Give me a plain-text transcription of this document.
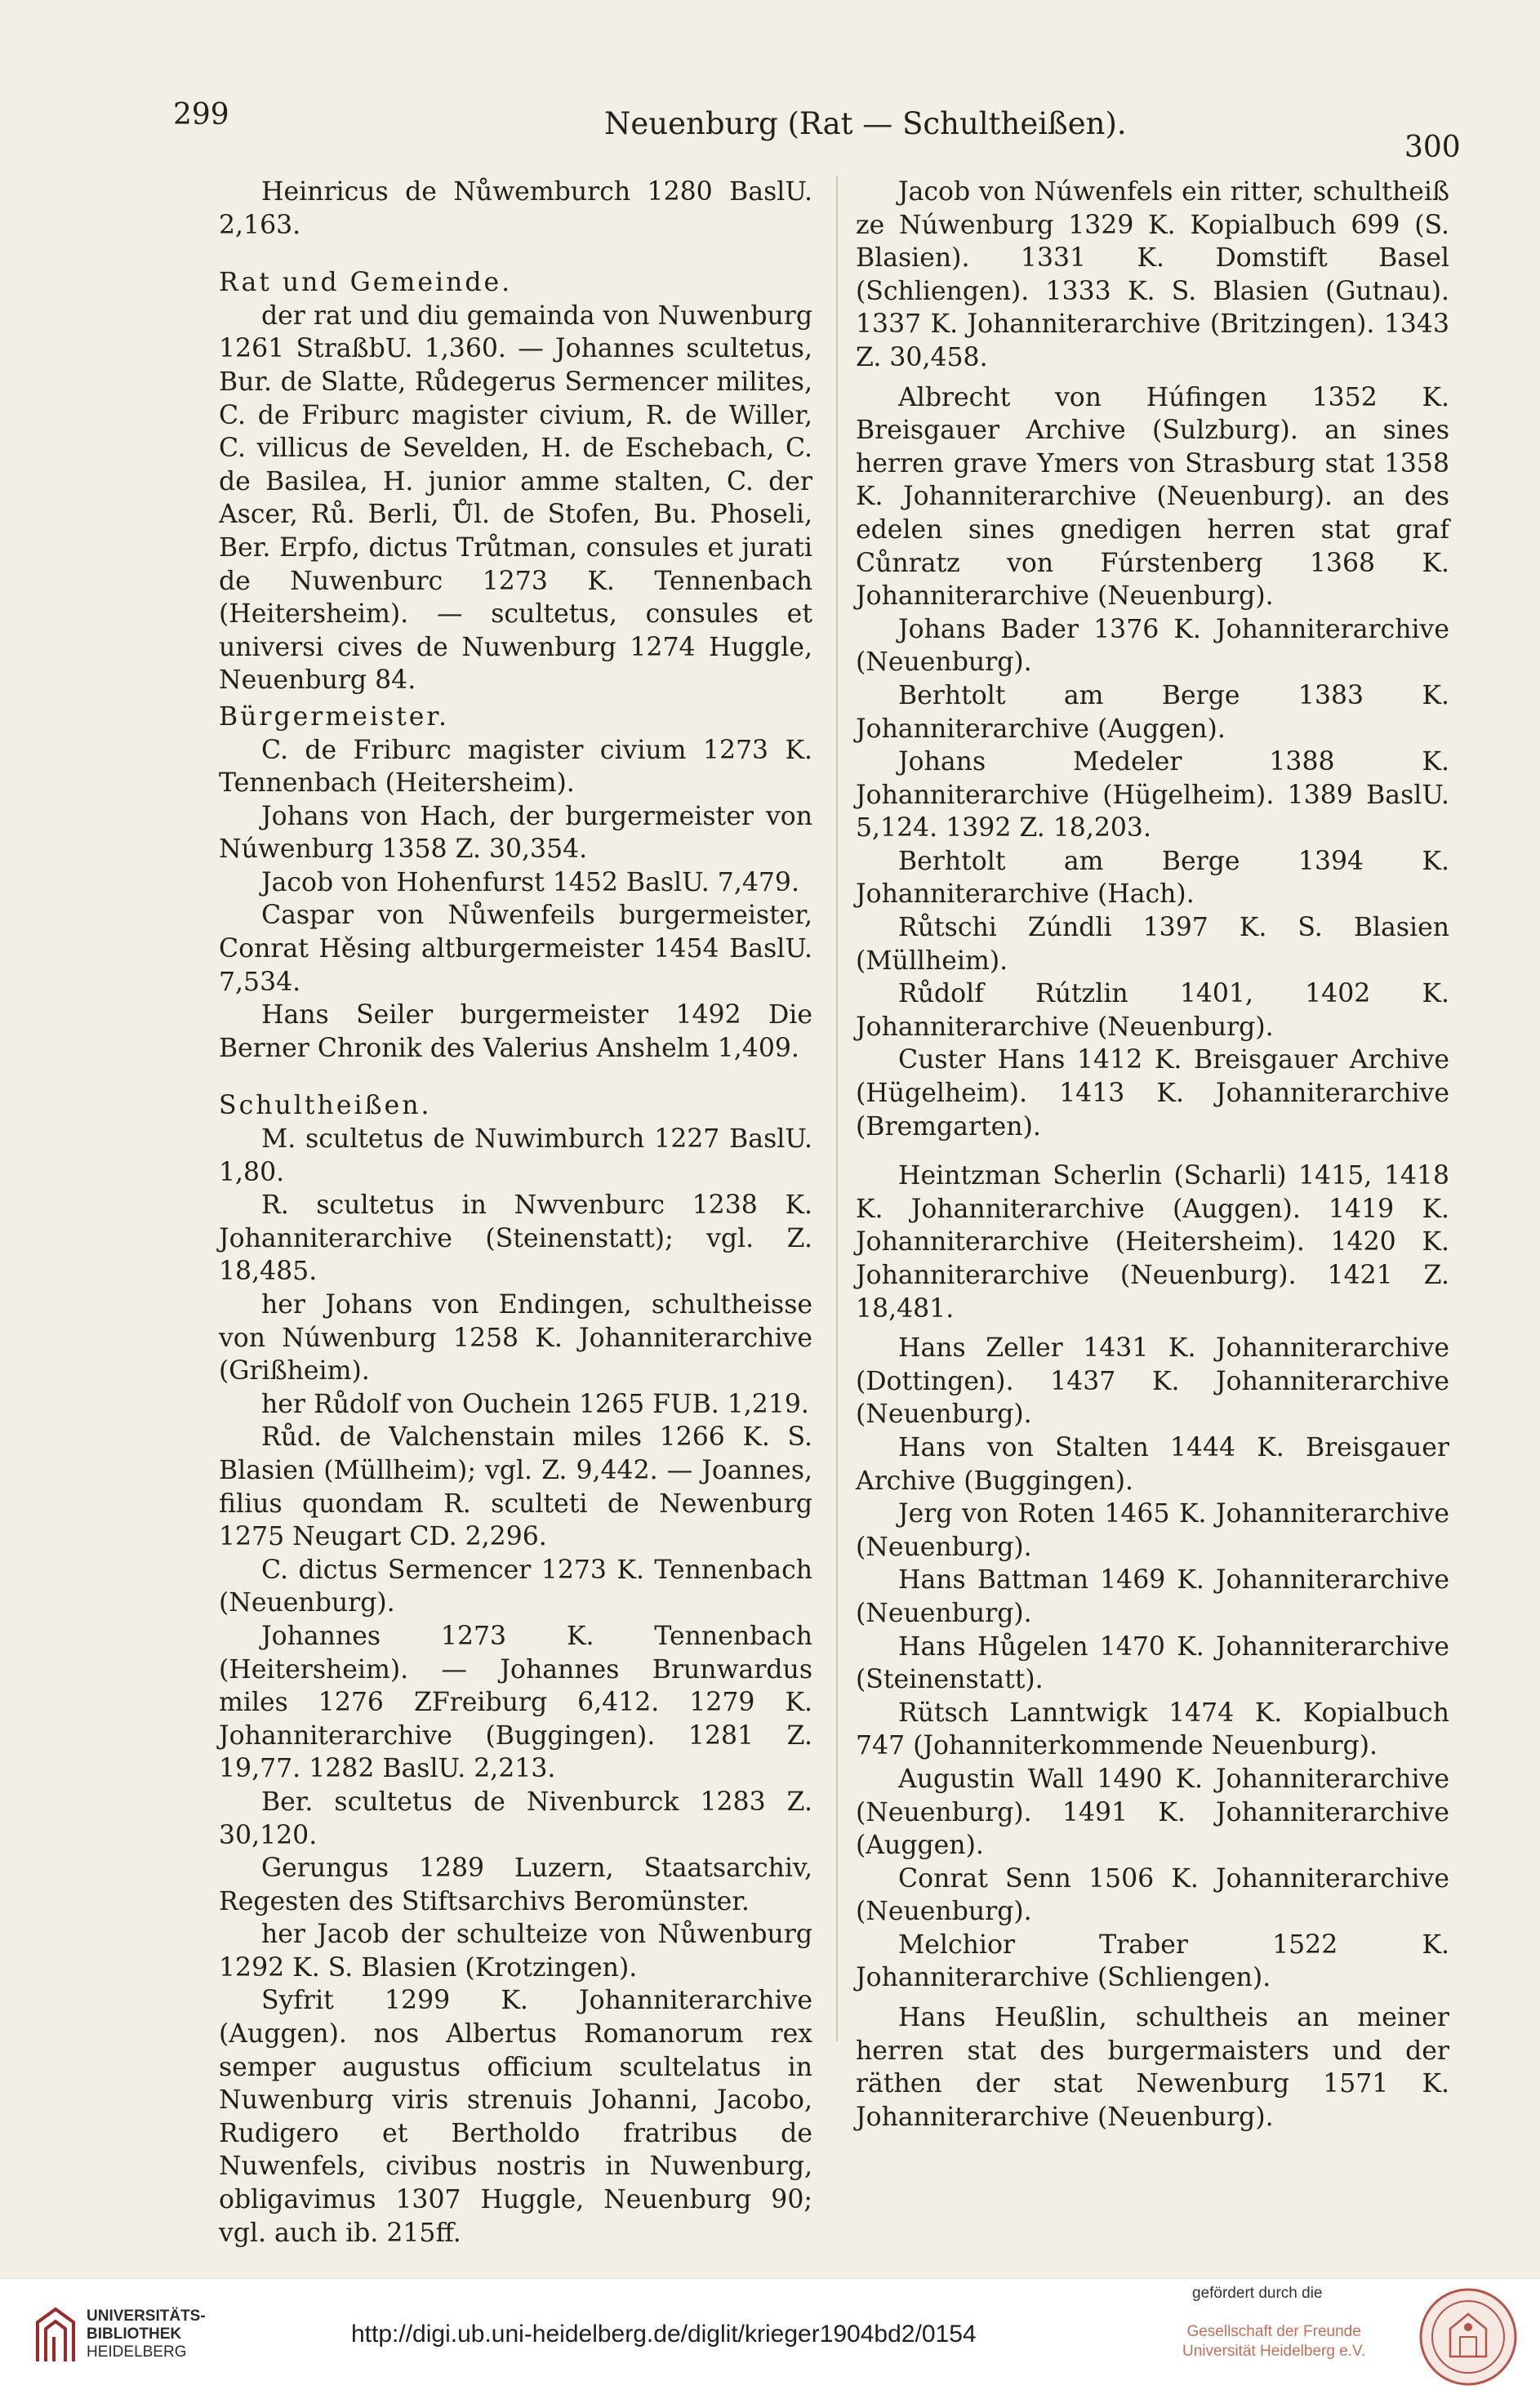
299	Neuenburg (Rat — Schultheißen).
300

Heinricus de Nůwemburch 1280 BaslU. 2,163.

Rat und Gemeinde.

der rat und diu gemainda von Nuwenburg 1261 StraßbU. 1,360. — Johannes scultetus, Bur. de Slatte, Růdegerus Sermencer milites, C. de Friburc magister civium, R. de Willer, C. villicus de Sevelden, H. de Eschebach, C. de Basilea, H. junior amme stalten, C. der Ascer, Rů. Berli, Ůl. de Stofen, Bu. Phoseli, Ber. Erpfo, dictus Trůtman, consules et jurati de Nuwenburc 1273 K. Tennenbach (Heitersheim). — scultetus, consules et universi cives de Nuwenburg 1274 Huggle, Neuenburg 84.

Bürgermeister.

C. de Friburc magister civium 1273 K. Tennenbach (Heitersheim).

Johans von Hach, der burgermeister von Núwenburg 1358 Z. 30,354.

Jacob von Hohenfurst 1452 BaslU. 7,479.

Caspar von Nůwenfeils burgermeister, Conrat Hěsing altburgermeister 1454 BaslU. 7,534.

Hans Seiler burgermeister 1492 Die Berner Chronik des Valerius Anshelm 1,409.

Schultheißen.

M. scultetus de Nuwimburch 1227 BaslU. 1,80.

R. scultetus in Nwvenburc 1238 K. Johanniterarchive (Steinenstatt); vgl. Z. 18,485.

her Johans von Endingen, schultheisse von Núwenburg 1258 K. Johanniterarchive (Grißheim).

her Růdolf von Ouchein 1265 FUB. 1,219.

Růd. de Valchenstain miles 1266 K. S. Blasien (Müllheim); vgl. Z. 9,442. — Joannes, filius quondam R. sculteti de Newenburg 1275 Neugart CD. 2,296.

C. dictus Sermencer 1273 K. Tennenbach (Neuenburg).

Johannes 1273 K. Tennenbach (Heitersheim). — Johannes Brunwardus miles 1276 ZFreiburg 6,412. 1279 K. Johanniterarchive (Buggingen). 1281 Z. 19,77. 1282 BaslU. 2,213.

Ber. scultetus de Nivenburck 1283 Z. 30,120.

Gerungus 1289 Luzern, Staatsarchiv, Regesten des Stiftsarchivs Beromünster.

her Jacob der schulteize von Nůwenburg 1292 K. S. Blasien (Krotzingen).

Syfrit 1299 K. Johanniterarchive (Auggen). nos Albertus Romanorum rex semper augustus officium scultelatus in Nuwenburg viris strenuis Johanni, Jacobo, Rudigero et Bertholdo fratribus de Nuwenfels, civibus nostris in Nuwenburg, obligavimus 1307 Huggle, Neuenburg 90; vgl. auch ib. 215ff.

Jacob von Núwenfels ein ritter, schultheiß ze Núwenburg 1329 K. Kopialbuch 699 (S. Blasien). 1331 K. Domstift Basel (Schliengen). 1333 K. S. Blasien (Gutnau). 1337 K. Johanniterarchive (Britzingen). 1343 Z. 30,458.

Albrecht von Húfingen 1352 K. Breisgauer Archive (Sulzburg). an sines herren grave Ymers von Strasburg stat 1358 K. Johanniterarchive (Neuenburg). an des edelen sines gnedigen herren stat graf Cůnratz von Fúrstenberg 1368 K. Johanniterarchive (Neuenburg).

Johans Bader 1376 K. Johanniterarchive (Neuenburg).

Berhtolt am Berge 1383 K. Johanniterarchive (Auggen).

Johans Medeler 1388 K. Johanniterarchive (Hügelheim). 1389 BaslU. 5,124. 1392 Z. 18,203.

Berhtolt am Berge 1394 K. Johanniterarchive (Hach).

Růtschi Zúndli 1397 K. S. Blasien (Müllheim).

Růdolf Rútzlin 1401, 1402 K. Johanniterarchive (Neuenburg).

Custer Hans 1412 K. Breisgauer Archive (Hügelheim). 1413 K. Johanniterarchive (Bremgarten).

Heintzman Scherlin (Scharli) 1415, 1418 K. Johanniterarchive (Auggen). 1419 K. Johanniterarchive (Heitersheim). 1420 K. Johanniterarchive (Neuenburg). 1421 Z. 18,481.

Hans Zeller 1431 K. Johanniterarchive (Dottingen). 1437 K. Johanniterarchive (Neuenburg).

Hans von Stalten 1444 K. Breisgauer Archive (Buggingen).

Jerg von Roten 1465 K. Johanniterarchive (Neuenburg).

Hans Battman 1469 K. Johanniterarchive (Neuenburg).

Hans Hůgelen 1470 K. Johanniterarchive (Steinenstatt).

Rütsch Lanntwigk 1474 K. Kopialbuch 747 (Johanniterkommende Neuenburg).

Augustin Wall 1490 K. Johanniterarchive (Neuenburg). 1491 K. Johanniterarchive (Auggen).

Conrat Senn 1506 K. Johanniterarchive (Neuenburg).

Melchior Traber 1522 K. Johanniterarchive (Schliengen).

Hans Heußlin, schultheis an meiner herren stat des burgermaisters und der räthen der stat Newenburg 1571 K. Johanniterarchive (Neuenburg).

UNIVERSITÄTS-
BIBLIOTHEK
HEIDELBERG
http://digi.ub.uni-heidelberg.de/diglit/krieger1904bd2/0154
gefördert durch die
Gesellschaft der Freunde
Universität Heidelberg e.V.
